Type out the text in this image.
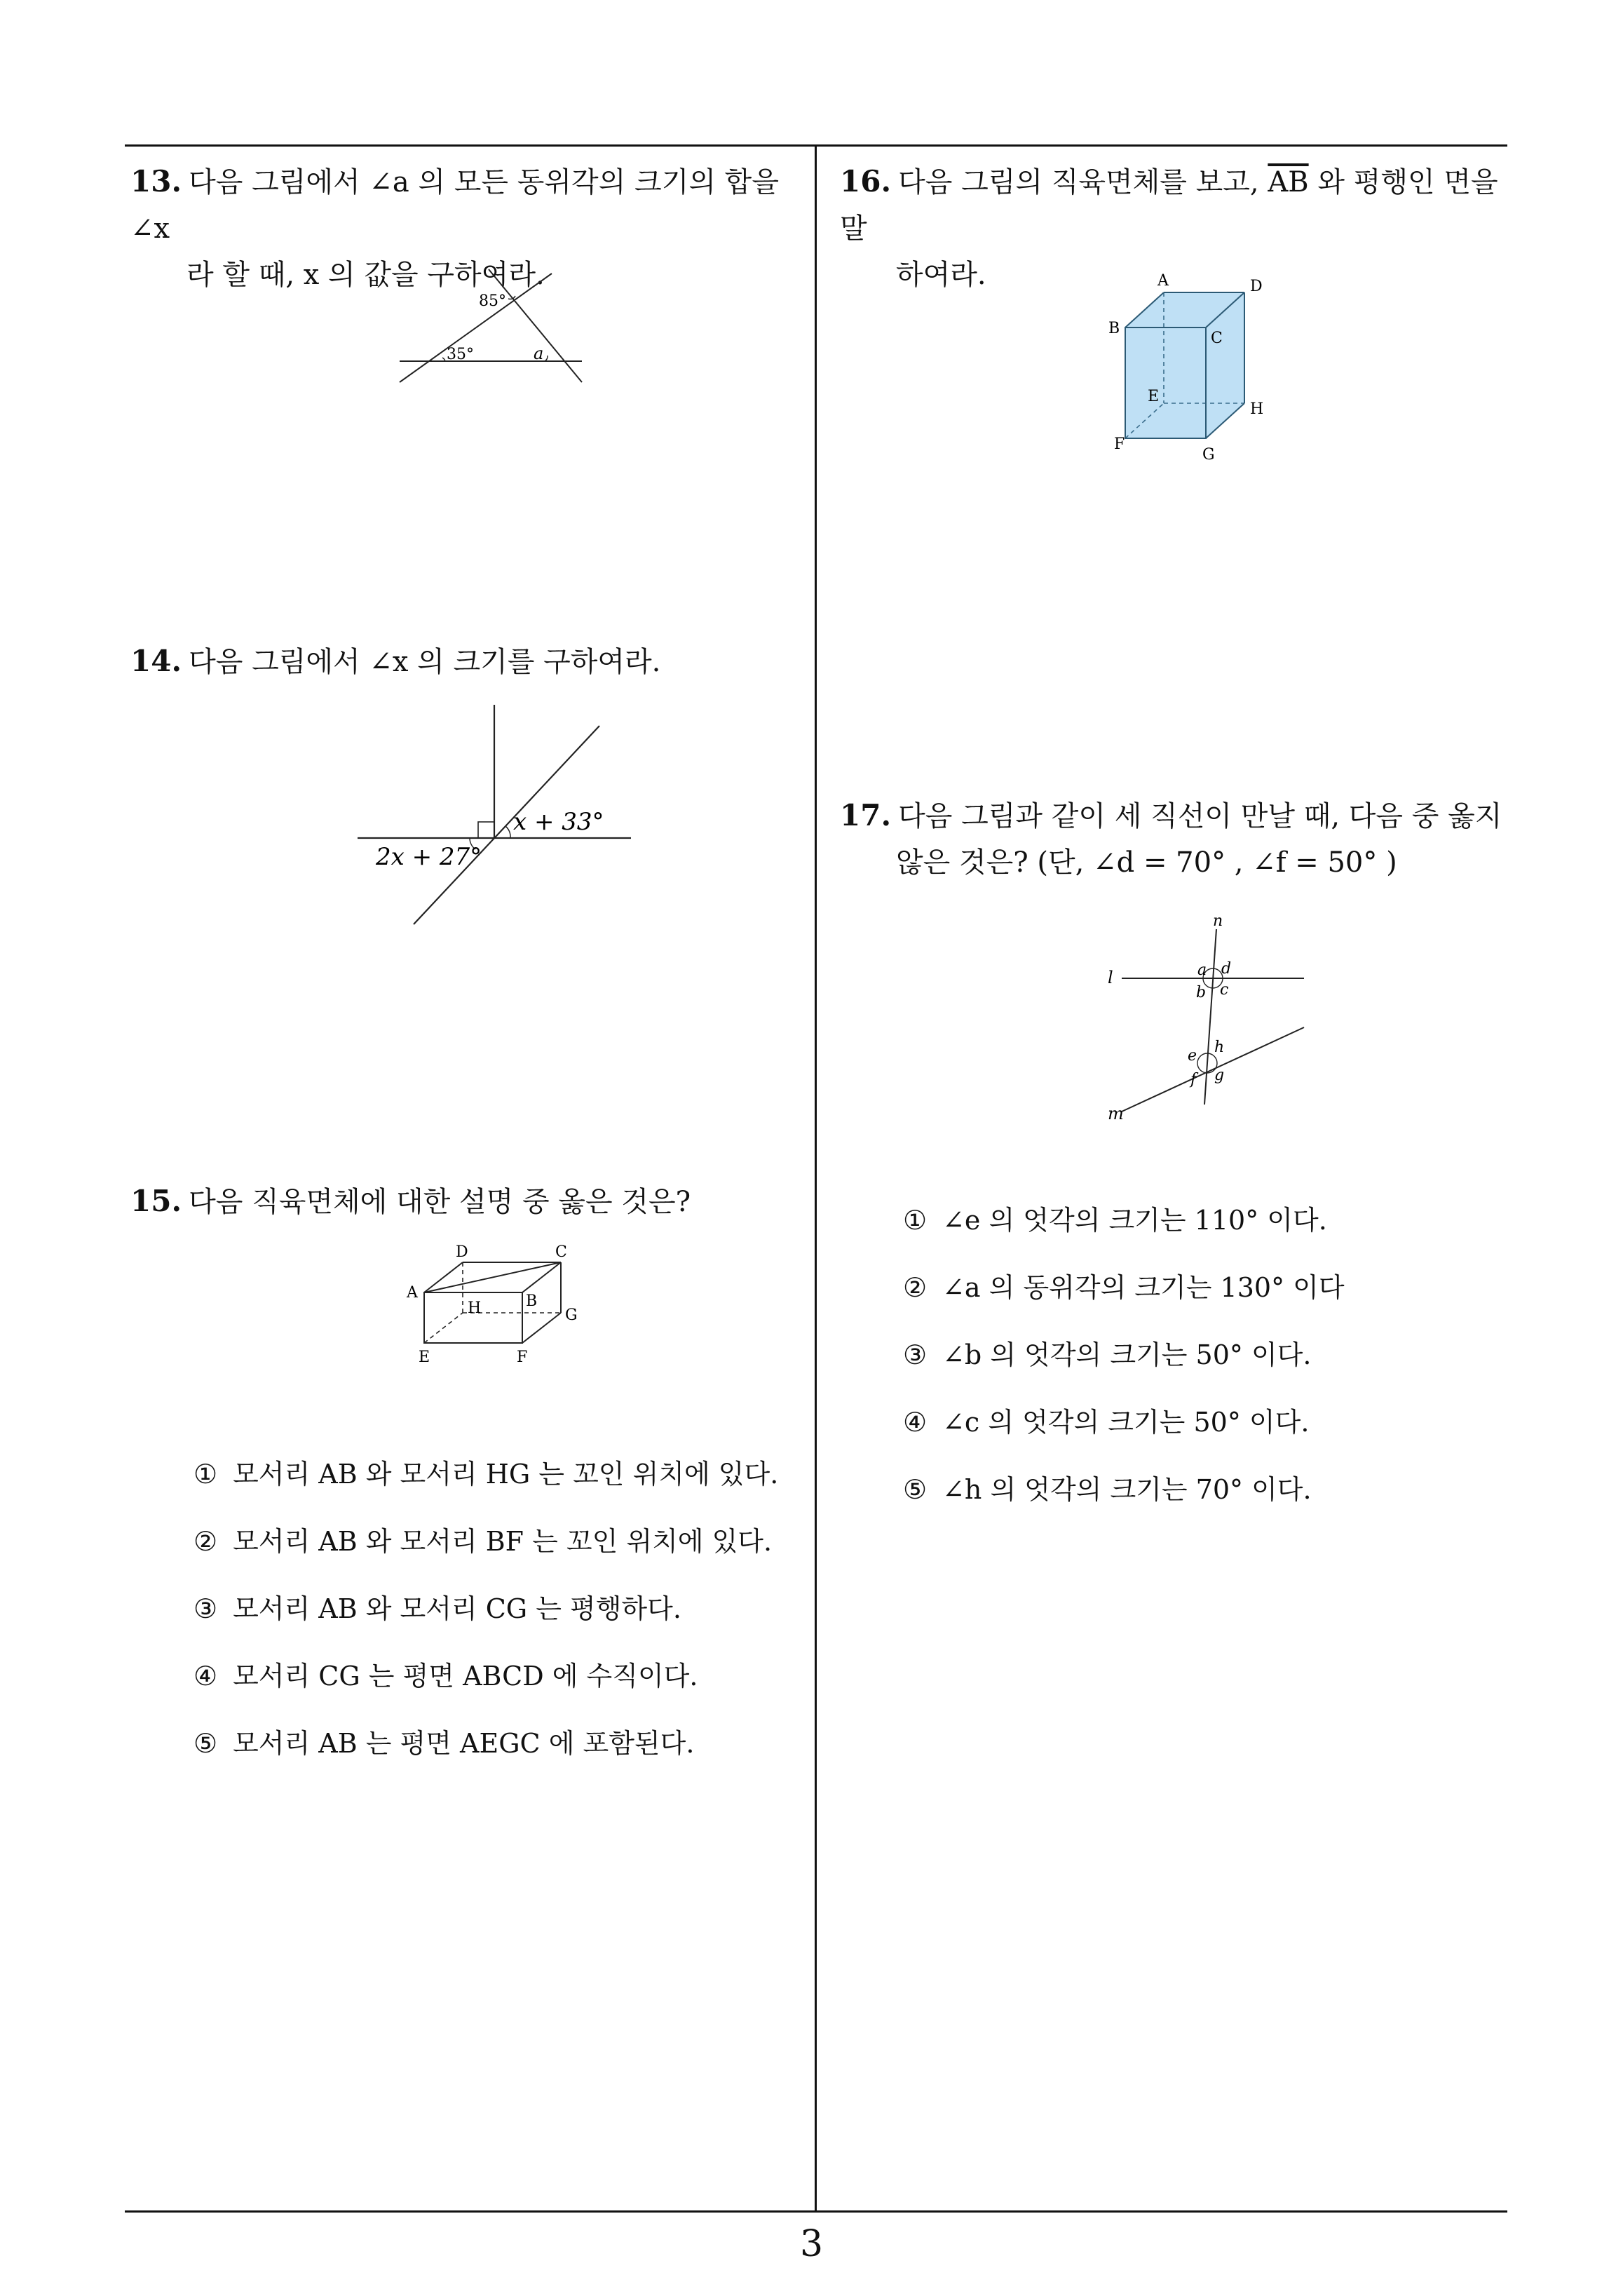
13. 다음 그림에서 ∠a 의 모든 동위각의 크기의 합을 ∠x
라 할 때, x 의 값을 구하여라.
85°
35°	a
14. 다음 그림에서 ∠x 의 크기를 구하여라.
x + 33°
2x + 27°
15. 다음 직육면체에 대한 설명 중 옳은 것은?
D	C
A
H	B
G
E	F
① 모서리 AB 와 모서리 HG 는 꼬인 위치에 있다.
② 모서리 AB 와 모서리 BF 는 꼬인 위치에 있다.
③ 모서리 AB 와 모서리 CG 는 평행하다.
④ 모서리 CG 는 평면 ABCD 에 수직이다.
⑤ 모서리 AB 는 평면 AEGC 에 포함된다.
16. 다음 그림의 직육면체를 보고, $\overline{AB}$ 와 평행인 면을 말
하여라.	A	D
B
C
E
H
F
G
17. 다음 그림과 같이 세 직선이 만날 때, 다음 중 옳지
않은 것은? (단, ∠d = 70° , ∠f = 50° )
n
l	a d
b c
e h
f g
m
① ∠e 의 엇각의 크기는 110° 이다.
② ∠a 의 동위각의 크기는 130° 이다
③ ∠b 의 엇각의 크기는 50° 이다.
④ ∠c 의 엇각의 크기는 50° 이다.
⑤ ∠h 의 엇각의 크기는 70° 이다.
3
